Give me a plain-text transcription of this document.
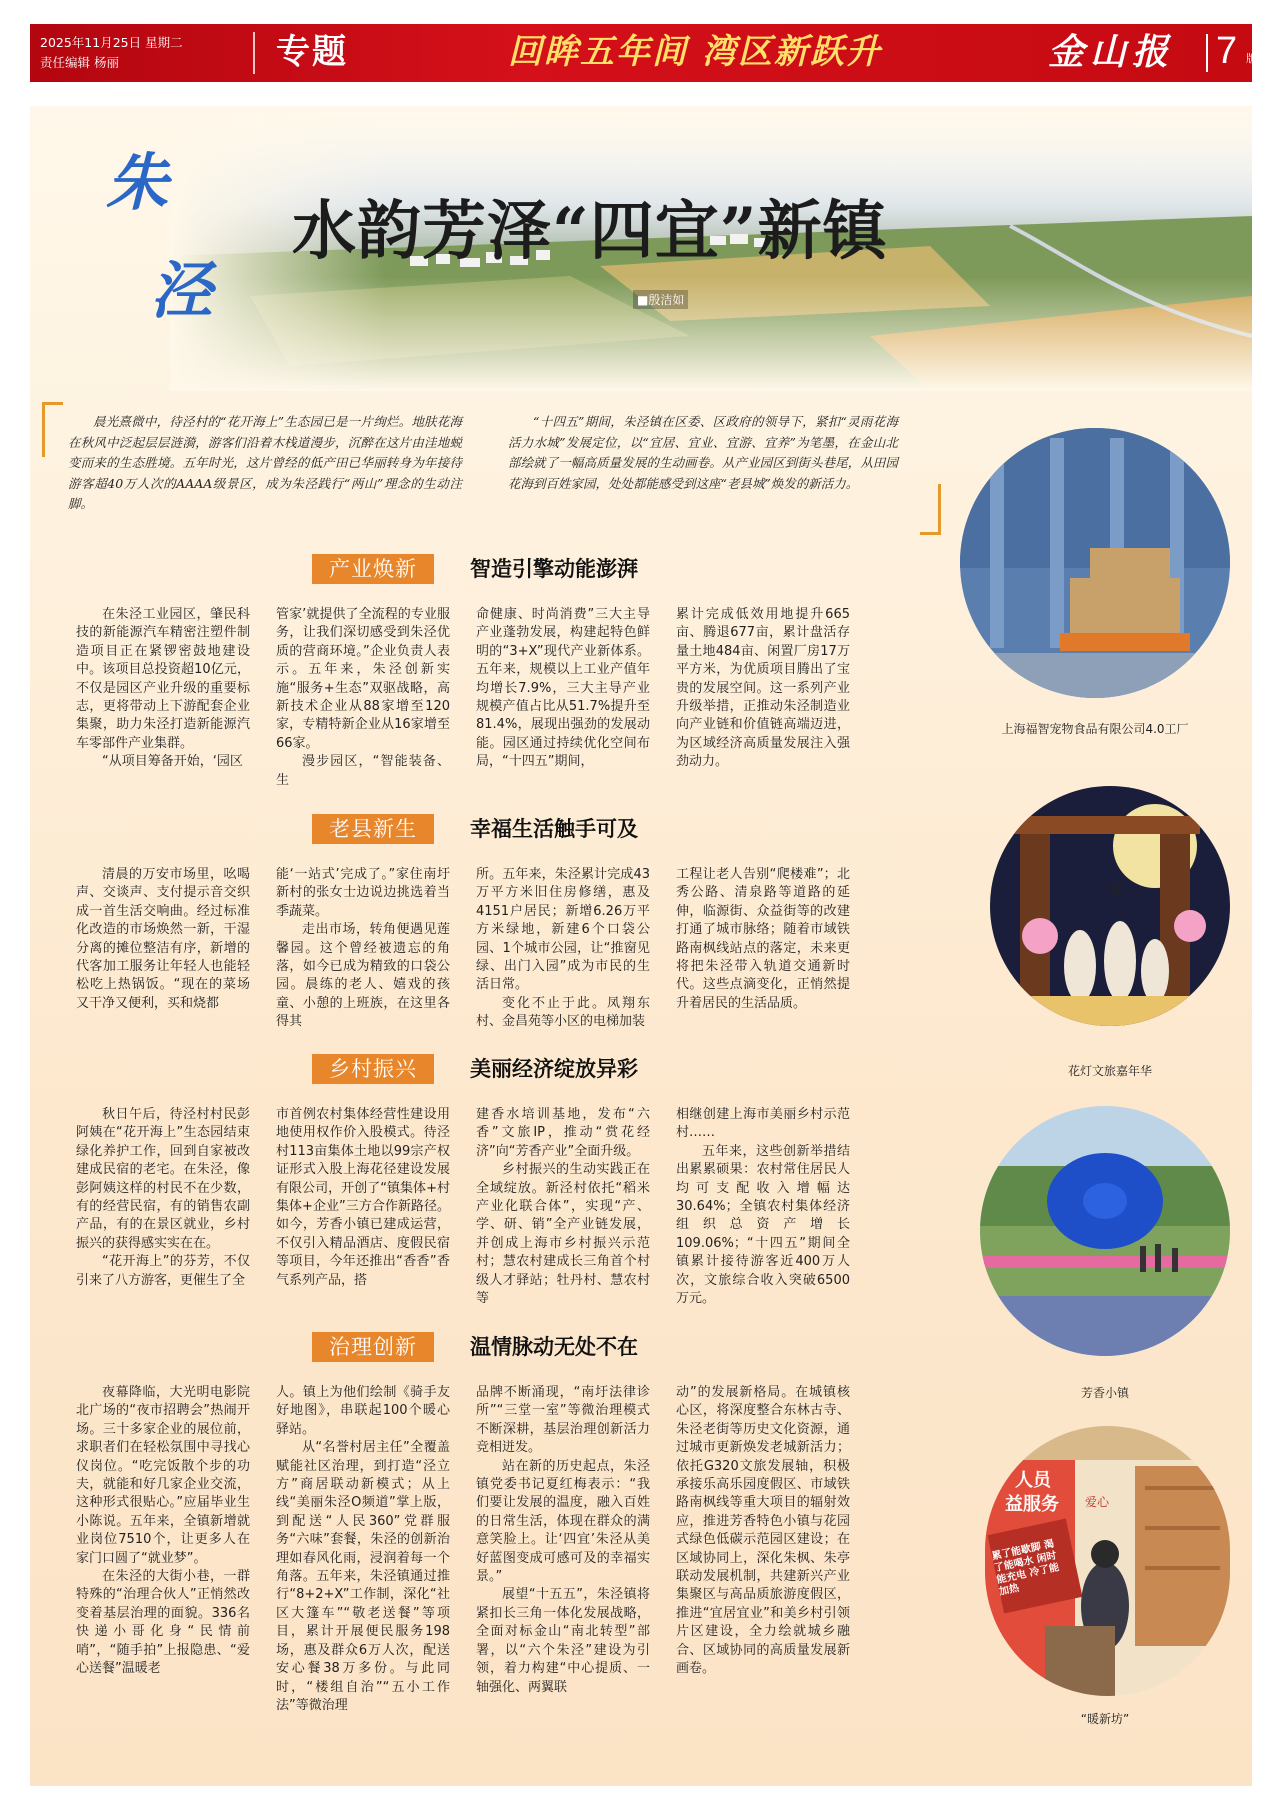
2025年11月25日 星期二
责任编辑 杨丽	专题	回眸五年间 湾区新跃升	金山报 7 版
朱
泾
水韵芳泽“四宜”新镇
■殷洁如
晨光熹微中，待泾村的“花开海上”生态园已是一片绚烂。地肤花海在秋风中泛起层层涟漪，游客们沿着木栈道漫步，沉醉在这片由洼地蜕变而来的生态胜境。五年时光，这片曾经的低产田已华丽转身为年接待游客超40万人次的AAAA级景区，成为朱泾践行“两山”理念的生动注脚。
“十四五”期间，朱泾镇在区委、区政府的领导下，紧扣“灵雨花海 活力水城”发展定位，以“宜居、宜业、宜游、宜养”为笔墨，在金山北部绘就了一幅高质量发展的生动画卷。从产业园区到街头巷尾，从田园花海到百姓家园，处处都能感受到这座“老县城”焕发的新活力。
产业焕新	智造引擎动能澎湃
老县新生	幸福生活触手可及
乡村振兴	美丽经济绽放异彩
治理创新	温情脉动无处不在

在朱泾工业园区，肇民科技的新能源汽车精密注塑件制造项目正在紧锣密鼓地建设中。该项目总投资超10亿元，不仅是园区产业升级的重要标志，更将带动上下游配套企业集聚，助力朱泾打造新能源汽车零部件产业集群。

“从项目筹备开始，‘园区

管家’就提供了全流程的专业服务，让我们深切感受到朱泾优质的营商环境。”企业负责人表示。五年来，朱泾创新实施“服务+生态”双驱战略，高新技术企业从88家增至120家，专精特新企业从16家增至66家。

漫步园区，“智能装备、生

命健康、时尚消费”三大主导产业蓬勃发展，构建起特色鲜明的“3+X”现代产业新体系。五年来，规模以上工业产值年均增长7.9%，三大主导产业规模产值占比从51.7%提升至81.4%，展现出强劲的发展动能。园区通过持续优化空间布局，“十四五”期间，

累计完成低效用地提升665亩、腾退677亩，累计盘活存量土地484亩、闲置厂房17万平方米，为优质项目腾出了宝贵的发展空间。这一系列产业升级举措，正推动朱泾制造业向产业链和价值链高端迈进，为区域经济高质量发展注入强劲动力。

清晨的万安市场里，吆喝声、交谈声、支付提示音交织成一首生活交响曲。经过标准化改造的市场焕然一新，干湿分离的摊位整洁有序，新增的代客加工服务让年轻人也能轻松吃上热锅饭。“现在的菜场又干净又便利，买和烧都

能‘一站式’完成了。”家住南圩新村的张女士边说边挑选着当季蔬菜。

走出市场，转角便遇见莲馨园。这个曾经被遗忘的角落，如今已成为精致的口袋公园。晨练的老人、嬉戏的孩童、小憩的上班族，在这里各得其

所。五年来，朱泾累计完成43万平方米旧住房修缮，惠及4151户居民；新增6.26万平方米绿地，新建6个口袋公园、1个城市公园，让“推窗见绿、出门入园”成为市民的生活日常。

变化不止于此。凤翔东村、金昌苑等小区的电梯加装

工程让老人告别“爬楼难”；北秀公路、清泉路等道路的延伸，临源街、众益街等的改建打通了城市脉络；随着市域铁路南枫线站点的落定，未来更将把朱泾带入轨道交通新时代。这些点滴变化，正悄然提升着居民的生活品质。

秋日午后，待泾村村民彭阿姨在“花开海上”生态园结束绿化养护工作，回到自家被改建成民宿的老宅。在朱泾，像彭阿姨这样的村民不在少数，有的经营民宿，有的销售农副产品，有的在景区就业，乡村振兴的获得感实实在在。

“花开海上”的芬芳，不仅引来了八方游客，更催生了全

市首例农村集体经营性建设用地使用权作价入股模式。待泾村113亩集体土地以99宗产权证形式入股上海花径建设发展有限公司，开创了“镇集体+村集体+企业”三方合作新路径。如今，芳香小镇已建成运营，不仅引入精品酒店、度假民宿等项目，今年还推出“香香”香气系列产品，搭

建香水培训基地，发布“六香”文旅IP，推动“赏花经济”向“芳香产业”全面升级。

乡村振兴的生动实践正在全域绽放。新泾村依托“稻米产业化联合体”，实现“产、学、研、销”全产业链发展，并创成上海市乡村振兴示范村；慧农村建成长三角首个村级人才驿站；牡丹村、慧农村等

相继创建上海市美丽乡村示范村……

五年来，这些创新举措结出累累硕果：农村常住居民人均可支配收入增幅达30.64%；全镇农村集体经济组织总资产增长109.06%；“十四五”期间全镇累计接待游客近400万人次，文旅综合收入突破6500万元。

夜幕降临，大光明电影院北广场的“夜市招聘会”热闹开场。三十多家企业的展位前，求职者们在轻松氛围中寻找心仪岗位。“吃完饭散个步的功夫，就能和好几家企业交流，这种形式很贴心。”应届毕业生小陈说。五年来，全镇新增就业岗位7510个，让更多人在家门口圆了“就业梦”。

在朱泾的大街小巷，一群特殊的“治理合伙人”正悄然改变着基层治理的面貌。336名快递小哥化身“民情前哨”，“随手拍”上报隐患、“爱心送餐”温暖老

人。镇上为他们绘制《骑手友好地图》，串联起100个暖心驿站。

从“名誉村居主任”全覆盖赋能社区治理，到打造“泾立方”商居联动新模式；从上线“美丽朱泾O频道”掌上版，到配送“人民360”党群服务“六味”套餐，朱泾的创新治理如春风化雨，浸润着每一个角落。五年来，朱泾镇通过推行“8+2+X”工作制，深化“社区大篷车”“敬老送餐”等项目，累计开展便民服务198场，惠及群众6万人次，配送安心餐38万多份。与此同时，“楼组自治”“五小工作法”等微治理

品牌不断涌现，“南圩法律诊所”“三堂一室”等微治理模式不断深耕，基层治理创新活力竞相迸发。

站在新的历史起点，朱泾镇党委书记夏红梅表示：“我们要让发展的温度，融入百姓的日常生活，体现在群众的满意笑脸上。让‘四宜’朱泾从美好蓝图变成可感可及的幸福实景。”

展望“十五五”，朱泾镇将紧扣长三角一体化发展战略，全面对标金山“南北转型”部署，以“六个朱泾”建设为引领，着力构建“中心提质、一轴强化、两翼联

动”的发展新格局。在城镇核心区，将深度整合东林古寺、朱泾老街等历史文化资源，通过城市更新焕发老城新活力；依托G320文旅发展轴，积极承接乐高乐园度假区、市域铁路南枫线等重大项目的辐射效应，推进芳香特色小镇与花园式绿色低碳示范园区建设；在区域协同上，深化朱枫、朱亭联动发展机制，共建新兴产业集聚区与高品质旅游度假区，推进“宜居宜业”和美乡村引领片区建设，全力绘就城乡融合、区域协同的高质量发展新画卷。

上海福智宠物食品有限公司4.0工厂
诗
花灯文旅嘉年华
芳香小镇
人员
益服务 爱心
累了能歇脚 渴了能喝水 闲时能充电 冷了能加热
“暖新坊”
